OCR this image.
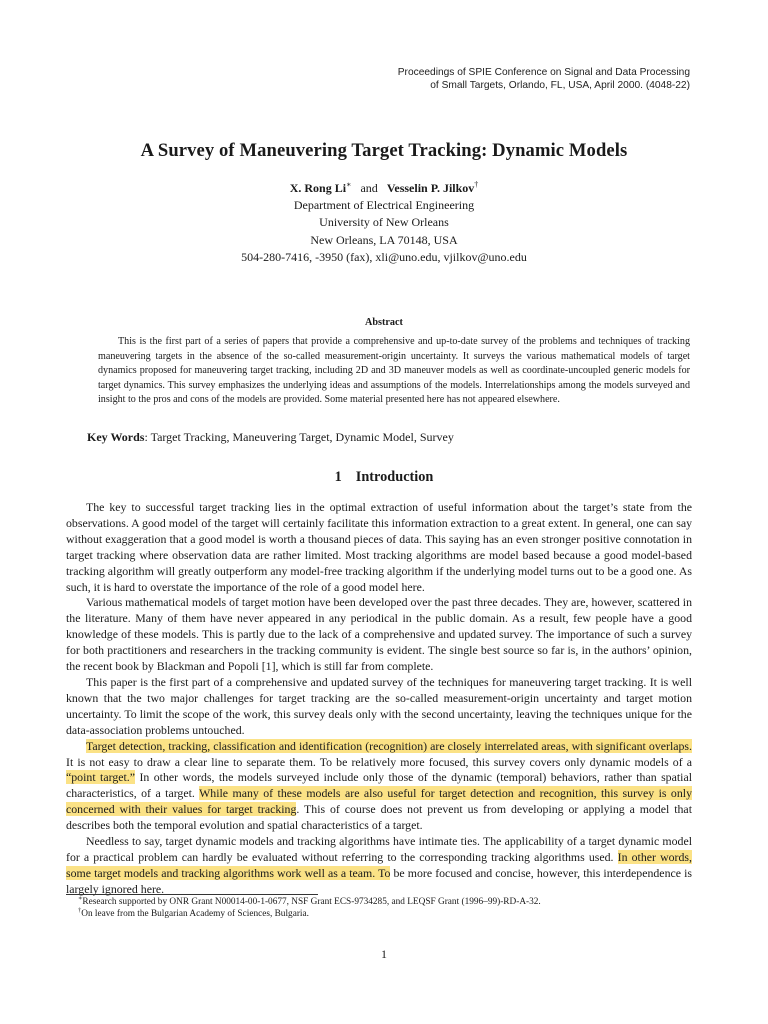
Proceedings of SPIE Conference on Signal and Data Processing
of Small Targets, Orlando, FL, USA, April 2000. (4048-22)
A Survey of Maneuvering Target Tracking: Dynamic Models
X. Rong Li∗ and Vesselin P. Jilkov†
Department of Electrical Engineering
University of New Orleans
New Orleans, LA 70148, USA
504-280-7416, -3950 (fax), xli@uno.edu, vjilkov@uno.edu
Abstract
This is the first part of a series of papers that provide a comprehensive and up-to-date survey of the problems and techniques of tracking maneuvering targets in the absence of the so-called measurement-origin uncertainty. It surveys the various mathematical models of target dynamics proposed for maneuvering target tracking, including 2D and 3D maneuver models as well as coordinate-uncoupled generic models for target dynamics. This survey emphasizes the underlying ideas and assumptions of the models. Interrelationships among the models surveyed and insight to the pros and cons of the models are provided. Some material presented here has not appeared elsewhere.
Key Words: Target Tracking, Maneuvering Target, Dynamic Model, Survey
1 Introduction

The key to successful target tracking lies in the optimal extraction of useful information about the target’s state from the observations. A good model of the target will certainly facilitate this information extraction to a great extent. In general, one can say without exaggeration that a good model is worth a thousand pieces of data. This saying has an even stronger positive connotation in target tracking where observation data are rather limited. Most tracking algorithms are model based because a good model-based tracking algorithm will greatly outperform any model-free tracking algorithm if the underlying model turns out to be a good one. As such, it is hard to overstate the importance of the role of a good model here.

Various mathematical models of target motion have been developed over the past three decades. They are, however, scattered in the literature. Many of them have never appeared in any periodical in the public domain. As a result, few people have a good knowledge of these models. This is partly due to the lack of a comprehensive and updated survey. The importance of such a survey for both practitioners and researchers in the tracking community is evident. The single best source so far is, in the authors’ opinion, the recent book by Blackman and Popoli [1], which is still far from complete.

This paper is the first part of a comprehensive and updated survey of the techniques for maneuvering target tracking. It is well known that the two major challenges for target tracking are the so-called measurement-origin uncertainty and target motion uncertainty. To limit the scope of the work, this survey deals only with the second uncertainty, leaving the techniques unique for the data-association problems untouched.

Target detection, tracking, classification and identification (recognition) are closely interrelated areas, with significant overlaps. It is not easy to draw a clear line to separate them. To be relatively more focused, this survey covers only dynamic models of a “point target.” In other words, the models surveyed include only those of the dynamic (temporal) behaviors, rather than spatial characteristics, of a target. While many of these models are also useful for target detection and recognition, this survey is only concerned with their values for target tracking. This of course does not prevent us from developing or applying a model that describes both the temporal evolution and spatial characteristics of a target.

Needless to say, target dynamic models and tracking algorithms have intimate ties. The applicability of a target dynamic model for a practical problem can hardly be evaluated without referring to the corresponding tracking algorithms used. In other words, some target models and tracking algorithms work well as a team. To be more focused and concise, however, this interdependence is largely ignored here.

∗Research supported by ONR Grant N00014-00-1-0677, NSF Grant ECS-9734285, and LEQSF Grant (1996–99)-RD-A-32.
†On leave from the Bulgarian Academy of Sciences, Bulgaria.
1
